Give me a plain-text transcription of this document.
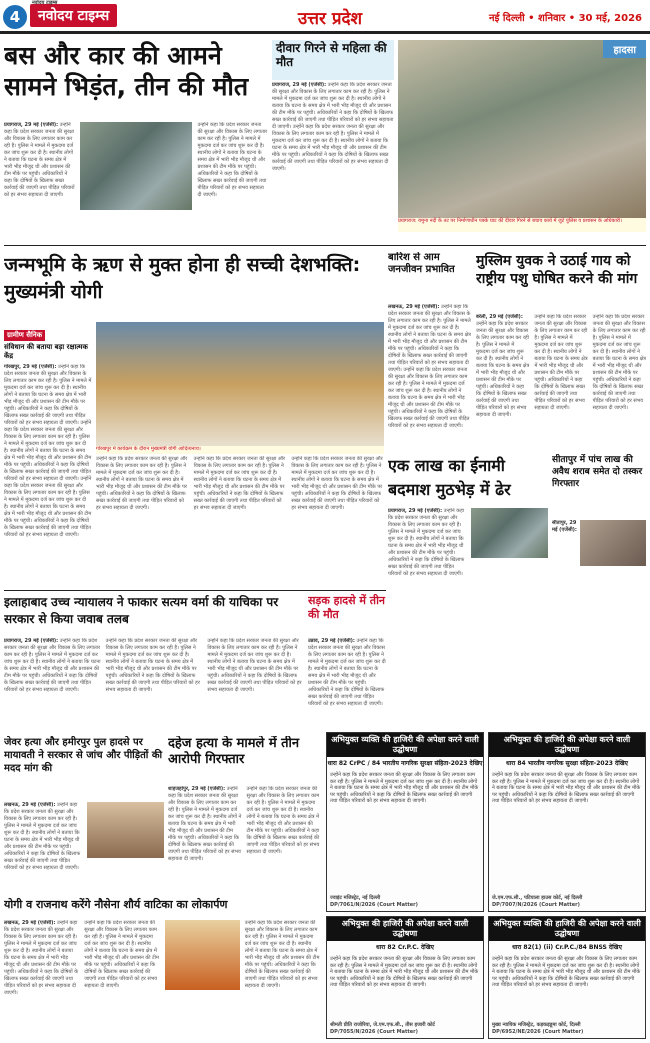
4
नवोदय टाइम्स
नवोदय टाइम्स	उत्तर प्रदेश	नई दिल्ली • शनिवार • 30 मई, 2026
बस और कार की आमने सामने भिड़ंत, तीन की मौत
प्रयागराज, 29 मई (एजेंसी): उन्होंने कहा कि प्रदेश सरकार जनता की सुरक्षा और विकास के लिए लगातार काम कर रही है। पुलिस ने मामले में मुकदमा दर्ज कर जांच शुरू कर दी है। स्थानीय लोगों ने बताया कि घटना के समय क्षेत्र में भारी भीड़ मौजूद थी और प्रशासन की टीम मौके पर पहुंची। अधिकारियों ने कहा कि दोषियों के खिलाफ सख्त कार्रवाई की जाएगी तथा पीड़ित परिवारों को हर संभव सहायता दी जाएगी।
उन्होंने कहा कि प्रदेश सरकार जनता की सुरक्षा और विकास के लिए लगातार काम कर रही है। पुलिस ने मामले में मुकदमा दर्ज कर जांच शुरू कर दी है। स्थानीय लोगों ने बताया कि घटना के समय क्षेत्र में भारी भीड़ मौजूद थी और प्रशासन की टीम मौके पर पहुंची। अधिकारियों ने कहा कि दोषियों के खिलाफ सख्त कार्रवाई की जाएगी तथा पीड़ित परिवारों को हर संभव सहायता दी जाएगी।
दीवार गिरने से महिला की मौत
प्रयागराज, 29 मई (एजेंसी): उन्होंने कहा कि प्रदेश सरकार जनता की सुरक्षा और विकास के लिए लगातार काम कर रही है। पुलिस ने मामले में मुकदमा दर्ज कर जांच शुरू कर दी है। स्थानीय लोगों ने बताया कि घटना के समय क्षेत्र में भारी भीड़ मौजूद थी और प्रशासन की टीम मौके पर पहुंची। अधिकारियों ने कहा कि दोषियों के खिलाफ सख्त कार्रवाई की जाएगी तथा पीड़ित परिवारों को हर संभव सहायता दी जाएगी। उन्होंने कहा कि प्रदेश सरकार जनता की सुरक्षा और विकास के लिए लगातार काम कर रही है। पुलिस ने मामले में मुकदमा दर्ज कर जांच शुरू कर दी है। स्थानीय लोगों ने बताया कि घटना के समय क्षेत्र में भारी भीड़ मौजूद थी और प्रशासन की टीम मौके पर पहुंची। अधिकारियों ने कहा कि दोषियों के खिलाफ सख्त कार्रवाई की जाएगी तथा पीड़ित परिवारों को हर संभव सहायता दी जाएगी।
हादसा
प्रयागराज: यमुना नदी के तट पर निर्माणाधीन पक्के घाट की दीवार गिरने से बचाव कार्य में जुटे पुलिस व प्रशासन के अधिकारी।
जन्मभूमि के ऋण से मुक्त होना ही सच्ची देशभक्ति: मुख्यमंत्री योगी
ग्रामीण सैनिक
संविधान की बताया बड़ा रक्षात्मक केंद्र
गोरखपुर, 29 मई (एजेंसी): उन्होंने कहा कि प्रदेश सरकार जनता की सुरक्षा और विकास के लिए लगातार काम कर रही है। पुलिस ने मामले में मुकदमा दर्ज कर जांच शुरू कर दी है। स्थानीय लोगों ने बताया कि घटना के समय क्षेत्र में भारी भीड़ मौजूद थी और प्रशासन की टीम मौके पर पहुंची। अधिकारियों ने कहा कि दोषियों के खिलाफ सख्त कार्रवाई की जाएगी तथा पीड़ित परिवारों को हर संभव सहायता दी जाएगी। उन्होंने कहा कि प्रदेश सरकार जनता की सुरक्षा और विकास के लिए लगातार काम कर रही है। पुलिस ने मामले में मुकदमा दर्ज कर जांच शुरू कर दी है। स्थानीय लोगों ने बताया कि घटना के समय क्षेत्र में भारी भीड़ मौजूद थी और प्रशासन की टीम मौके पर पहुंची। अधिकारियों ने कहा कि दोषियों के खिलाफ सख्त कार्रवाई की जाएगी तथा पीड़ित परिवारों को हर संभव सहायता दी जाएगी। उन्होंने कहा कि प्रदेश सरकार जनता की सुरक्षा और विकास के लिए लगातार काम कर रही है। पुलिस ने मामले में मुकदमा दर्ज कर जांच शुरू कर दी है। स्थानीय लोगों ने बताया कि घटना के समय क्षेत्र में भारी भीड़ मौजूद थी और प्रशासन की टीम मौके पर पहुंची। अधिकारियों ने कहा कि दोषियों के खिलाफ सख्त कार्रवाई की जाएगी तथा पीड़ित परिवारों को हर संभव सहायता दी जाएगी।
गोरखपुर में कार्यक्रम के दौरान मुख्यमंत्री योगी आदित्यनाथ।
उन्होंने कहा कि प्रदेश सरकार जनता की सुरक्षा और विकास के लिए लगातार काम कर रही है। पुलिस ने मामले में मुकदमा दर्ज कर जांच शुरू कर दी है। स्थानीय लोगों ने बताया कि घटना के समय क्षेत्र में भारी भीड़ मौजूद थी और प्रशासन की टीम मौके पर पहुंची। अधिकारियों ने कहा कि दोषियों के खिलाफ सख्त कार्रवाई की जाएगी तथा पीड़ित परिवारों को हर संभव सहायता दी जाएगी।
उन्होंने कहा कि प्रदेश सरकार जनता की सुरक्षा और विकास के लिए लगातार काम कर रही है। पुलिस ने मामले में मुकदमा दर्ज कर जांच शुरू कर दी है। स्थानीय लोगों ने बताया कि घटना के समय क्षेत्र में भारी भीड़ मौजूद थी और प्रशासन की टीम मौके पर पहुंची। अधिकारियों ने कहा कि दोषियों के खिलाफ सख्त कार्रवाई की जाएगी तथा पीड़ित परिवारों को हर संभव सहायता दी जाएगी।
उन्होंने कहा कि प्रदेश सरकार जनता की सुरक्षा और विकास के लिए लगातार काम कर रही है। पुलिस ने मामले में मुकदमा दर्ज कर जांच शुरू कर दी है। स्थानीय लोगों ने बताया कि घटना के समय क्षेत्र में भारी भीड़ मौजूद थी और प्रशासन की टीम मौके पर पहुंची। अधिकारियों ने कहा कि दोषियों के खिलाफ सख्त कार्रवाई की जाएगी तथा पीड़ित परिवारों को हर संभव सहायता दी जाएगी।
बारिश से आम जनजीवन प्रभावित
लखनऊ, 29 मई (एजेंसी): उन्होंने कहा कि प्रदेश सरकार जनता की सुरक्षा और विकास के लिए लगातार काम कर रही है। पुलिस ने मामले में मुकदमा दर्ज कर जांच शुरू कर दी है। स्थानीय लोगों ने बताया कि घटना के समय क्षेत्र में भारी भीड़ मौजूद थी और प्रशासन की टीम मौके पर पहुंची। अधिकारियों ने कहा कि दोषियों के खिलाफ सख्त कार्रवाई की जाएगी तथा पीड़ित परिवारों को हर संभव सहायता दी जाएगी। उन्होंने कहा कि प्रदेश सरकार जनता की सुरक्षा और विकास के लिए लगातार काम कर रही है। पुलिस ने मामले में मुकदमा दर्ज कर जांच शुरू कर दी है। स्थानीय लोगों ने बताया कि घटना के समय क्षेत्र में भारी भीड़ मौजूद थी और प्रशासन की टीम मौके पर पहुंची। अधिकारियों ने कहा कि दोषियों के खिलाफ सख्त कार्रवाई की जाएगी तथा पीड़ित परिवारों को हर संभव सहायता दी जाएगी।
मुस्लिम युवक ने उठाई गाय को राष्ट्रीय पशु घोषित करने की मांग
बरेली, 29 मई (एजेंसी): उन्होंने कहा कि प्रदेश सरकार जनता की सुरक्षा और विकास के लिए लगातार काम कर रही है। पुलिस ने मामले में मुकदमा दर्ज कर जांच शुरू कर दी है। स्थानीय लोगों ने बताया कि घटना के समय क्षेत्र में भारी भीड़ मौजूद थी और प्रशासन की टीम मौके पर पहुंची। अधिकारियों ने कहा कि दोषियों के खिलाफ सख्त कार्रवाई की जाएगी तथा पीड़ित परिवारों को हर संभव सहायता दी जाएगी।
उन्होंने कहा कि प्रदेश सरकार जनता की सुरक्षा और विकास के लिए लगातार काम कर रही है। पुलिस ने मामले में मुकदमा दर्ज कर जांच शुरू कर दी है। स्थानीय लोगों ने बताया कि घटना के समय क्षेत्र में भारी भीड़ मौजूद थी और प्रशासन की टीम मौके पर पहुंची। अधिकारियों ने कहा कि दोषियों के खिलाफ सख्त कार्रवाई की जाएगी तथा पीड़ित परिवारों को हर संभव सहायता दी जाएगी।
उन्होंने कहा कि प्रदेश सरकार जनता की सुरक्षा और विकास के लिए लगातार काम कर रही है। पुलिस ने मामले में मुकदमा दर्ज कर जांच शुरू कर दी है। स्थानीय लोगों ने बताया कि घटना के समय क्षेत्र में भारी भीड़ मौजूद थी और प्रशासन की टीम मौके पर पहुंची। अधिकारियों ने कहा कि दोषियों के खिलाफ सख्त कार्रवाई की जाएगी तथा पीड़ित परिवारों को हर संभव सहायता दी जाएगी।
एक लाख का ईनामी बदमाश मुठभेड़ में ढेर
प्रयागराज, 29 मई (एजेंसी): उन्होंने कहा कि प्रदेश सरकार जनता की सुरक्षा और विकास के लिए लगातार काम कर रही है। पुलिस ने मामले में मुकदमा दर्ज कर जांच शुरू कर दी है। स्थानीय लोगों ने बताया कि घटना के समय क्षेत्र में भारी भीड़ मौजूद थी और प्रशासन की टीम मौके पर पहुंची। अधिकारियों ने कहा कि दोषियों के खिलाफ सख्त कार्रवाई की जाएगी तथा पीड़ित परिवारों को हर संभव सहायता दी जाएगी।
सीतापुर में पांच लाख की अवैध शराब समेत दो तस्कर गिरफ्तार
सीतापुर, 29 मई (एजेंसी):
इलाहाबाद उच्च न्यायालय ने फाकार सत्यम वर्मा की याचिका पर सरकार से किया जवाब तलब
प्रयागराज, 29 मई (एजेंसी): उन्होंने कहा कि प्रदेश सरकार जनता की सुरक्षा और विकास के लिए लगातार काम कर रही है। पुलिस ने मामले में मुकदमा दर्ज कर जांच शुरू कर दी है। स्थानीय लोगों ने बताया कि घटना के समय क्षेत्र में भारी भीड़ मौजूद थी और प्रशासन की टीम मौके पर पहुंची। अधिकारियों ने कहा कि दोषियों के खिलाफ सख्त कार्रवाई की जाएगी तथा पीड़ित परिवारों को हर संभव सहायता दी जाएगी।
उन्होंने कहा कि प्रदेश सरकार जनता की सुरक्षा और विकास के लिए लगातार काम कर रही है। पुलिस ने मामले में मुकदमा दर्ज कर जांच शुरू कर दी है। स्थानीय लोगों ने बताया कि घटना के समय क्षेत्र में भारी भीड़ मौजूद थी और प्रशासन की टीम मौके पर पहुंची। अधिकारियों ने कहा कि दोषियों के खिलाफ सख्त कार्रवाई की जाएगी तथा पीड़ित परिवारों को हर संभव सहायता दी जाएगी।
उन्होंने कहा कि प्रदेश सरकार जनता की सुरक्षा और विकास के लिए लगातार काम कर रही है। पुलिस ने मामले में मुकदमा दर्ज कर जांच शुरू कर दी है। स्थानीय लोगों ने बताया कि घटना के समय क्षेत्र में भारी भीड़ मौजूद थी और प्रशासन की टीम मौके पर पहुंची। अधिकारियों ने कहा कि दोषियों के खिलाफ सख्त कार्रवाई की जाएगी तथा पीड़ित परिवारों को हर संभव सहायता दी जाएगी।
सड़क हादसे में तीन की मौत
उन्नाव, 29 मई (एजेंसी): उन्होंने कहा कि प्रदेश सरकार जनता की सुरक्षा और विकास के लिए लगातार काम कर रही है। पुलिस ने मामले में मुकदमा दर्ज कर जांच शुरू कर दी है। स्थानीय लोगों ने बताया कि घटना के समय क्षेत्र में भारी भीड़ मौजूद थी और प्रशासन की टीम मौके पर पहुंची। अधिकारियों ने कहा कि दोषियों के खिलाफ सख्त कार्रवाई की जाएगी तथा पीड़ित परिवारों को हर संभव सहायता दी जाएगी।
जेवर हत्या और हमीरपुर पुल हादसे पर मायावती ने सरकार से जांच और पीड़ितों की मदद मांग की
लखनऊ, 29 मई (एजेंसी): उन्होंने कहा कि प्रदेश सरकार जनता की सुरक्षा और विकास के लिए लगातार काम कर रही है। पुलिस ने मामले में मुकदमा दर्ज कर जांच शुरू कर दी है। स्थानीय लोगों ने बताया कि घटना के समय क्षेत्र में भारी भीड़ मौजूद थी और प्रशासन की टीम मौके पर पहुंची। अधिकारियों ने कहा कि दोषियों के खिलाफ सख्त कार्रवाई की जाएगी तथा पीड़ित परिवारों को हर संभव सहायता दी जाएगी।
दहेज हत्या के मामले में तीन आरोपी गिरफ्तार
शाहजहांपुर, 29 मई (एजेंसी): उन्होंने कहा कि प्रदेश सरकार जनता की सुरक्षा और विकास के लिए लगातार काम कर रही है। पुलिस ने मामले में मुकदमा दर्ज कर जांच शुरू कर दी है। स्थानीय लोगों ने बताया कि घटना के समय क्षेत्र में भारी भीड़ मौजूद थी और प्रशासन की टीम मौके पर पहुंची। अधिकारियों ने कहा कि दोषियों के खिलाफ सख्त कार्रवाई की जाएगी तथा पीड़ित परिवारों को हर संभव सहायता दी जाएगी।
उन्होंने कहा कि प्रदेश सरकार जनता की सुरक्षा और विकास के लिए लगातार काम कर रही है। पुलिस ने मामले में मुकदमा दर्ज कर जांच शुरू कर दी है। स्थानीय लोगों ने बताया कि घटना के समय क्षेत्र में भारी भीड़ मौजूद थी और प्रशासन की टीम मौके पर पहुंची। अधिकारियों ने कहा कि दोषियों के खिलाफ सख्त कार्रवाई की जाएगी तथा पीड़ित परिवारों को हर संभव सहायता दी जाएगी।
योगी व राजनाथ करेंगे नौसेना शौर्य वाटिका का लोकार्पण
लखनऊ, 29 मई (एजेंसी): उन्होंने कहा कि प्रदेश सरकार जनता की सुरक्षा और विकास के लिए लगातार काम कर रही है। पुलिस ने मामले में मुकदमा दर्ज कर जांच शुरू कर दी है। स्थानीय लोगों ने बताया कि घटना के समय क्षेत्र में भारी भीड़ मौजूद थी और प्रशासन की टीम मौके पर पहुंची। अधिकारियों ने कहा कि दोषियों के खिलाफ सख्त कार्रवाई की जाएगी तथा पीड़ित परिवारों को हर संभव सहायता दी जाएगी।
उन्होंने कहा कि प्रदेश सरकार जनता की सुरक्षा और विकास के लिए लगातार काम कर रही है। पुलिस ने मामले में मुकदमा दर्ज कर जांच शुरू कर दी है। स्थानीय लोगों ने बताया कि घटना के समय क्षेत्र में भारी भीड़ मौजूद थी और प्रशासन की टीम मौके पर पहुंची। अधिकारियों ने कहा कि दोषियों के खिलाफ सख्त कार्रवाई की जाएगी तथा पीड़ित परिवारों को हर संभव सहायता दी जाएगी।
उन्होंने कहा कि प्रदेश सरकार जनता की सुरक्षा और विकास के लिए लगातार काम कर रही है। पुलिस ने मामले में मुकदमा दर्ज कर जांच शुरू कर दी है। स्थानीय लोगों ने बताया कि घटना के समय क्षेत्र में भारी भीड़ मौजूद थी और प्रशासन की टीम मौके पर पहुंची। अधिकारियों ने कहा कि दोषियों के खिलाफ सख्त कार्रवाई की जाएगी तथा पीड़ित परिवारों को हर संभव सहायता दी जाएगी।
अभियुक्त व्यक्ति की हाजिरी की अपेक्षा करने वाली उद्घोषणा
धारा 82 CrPC / 84 भारतीय नागरिक सुरक्षा संहिता-2023 देखिए
उन्होंने कहा कि प्रदेश सरकार जनता की सुरक्षा और विकास के लिए लगातार काम कर रही है। पुलिस ने मामले में मुकदमा दर्ज कर जांच शुरू कर दी है। स्थानीय लोगों ने बताया कि घटना के समय क्षेत्र में भारी भीड़ मौजूद थी और प्रशासन की टीम मौके पर पहुंची। अधिकारियों ने कहा कि दोषियों के खिलाफ सख्त कार्रवाई की जाएगी तथा पीड़ित परिवारों को हर संभव सहायता दी जाएगी।
ज्वाइंट मजिस्ट्रेट, नई दिल्ली
DP/7061/N/2026 (Court Matter)
अभियुक्त की हाजिरी की अपेक्षा करने वाली उद्घोषणा
धारा 84 भारतीय नागरिक सुरक्षा संहिता-2023 देखिए
उन्होंने कहा कि प्रदेश सरकार जनता की सुरक्षा और विकास के लिए लगातार काम कर रही है। पुलिस ने मामले में मुकदमा दर्ज कर जांच शुरू कर दी है। स्थानीय लोगों ने बताया कि घटना के समय क्षेत्र में भारी भीड़ मौजूद थी और प्रशासन की टीम मौके पर पहुंची। अधिकारियों ने कहा कि दोषियों के खिलाफ सख्त कार्रवाई की जाएगी तथा पीड़ित परिवारों को हर संभव सहायता दी जाएगी।
जे.एम.एफ.सी., पटियाला हाउस कोर्ट, नई दिल्ली
DP/7007/N/2026 (Court Matter)
अभियुक्त की हाजिरी की अपेक्षा करने वाली उद्घोषणा
धारा 82 Cr.P.C. देखिए
उन्होंने कहा कि प्रदेश सरकार जनता की सुरक्षा और विकास के लिए लगातार काम कर रही है। पुलिस ने मामले में मुकदमा दर्ज कर जांच शुरू कर दी है। स्थानीय लोगों ने बताया कि घटना के समय क्षेत्र में भारी भीड़ मौजूद थी और प्रशासन की टीम मौके पर पहुंची। अधिकारियों ने कहा कि दोषियों के खिलाफ सख्त कार्रवाई की जाएगी तथा पीड़ित परिवारों को हर संभव सहायता दी जाएगी।
श्रीमती प्रीति राजोरिया, जे.एम.एफ.सी., तीस हजारी कोर्ट
DP/7055/N/2026 (Court Matter)
अभियुक्त व्यक्ति की हाजिरी की अपेक्षा करने वाली उद्घोषणा
धारा 82(1) (ii) Cr.P.C./84 BNSS देखिए
उन्होंने कहा कि प्रदेश सरकार जनता की सुरक्षा और विकास के लिए लगातार काम कर रही है। पुलिस ने मामले में मुकदमा दर्ज कर जांच शुरू कर दी है। स्थानीय लोगों ने बताया कि घटना के समय क्षेत्र में भारी भीड़ मौजूद थी और प्रशासन की टीम मौके पर पहुंची। अधिकारियों ने कहा कि दोषियों के खिलाफ सख्त कार्रवाई की जाएगी तथा पीड़ित परिवारों को हर संभव सहायता दी जाएगी।
मुख्य न्यायिक मजिस्ट्रेट, कड़कड़डूमा कोर्ट, दिल्ली
DP/6952/NE/2026 (Court Matter)
